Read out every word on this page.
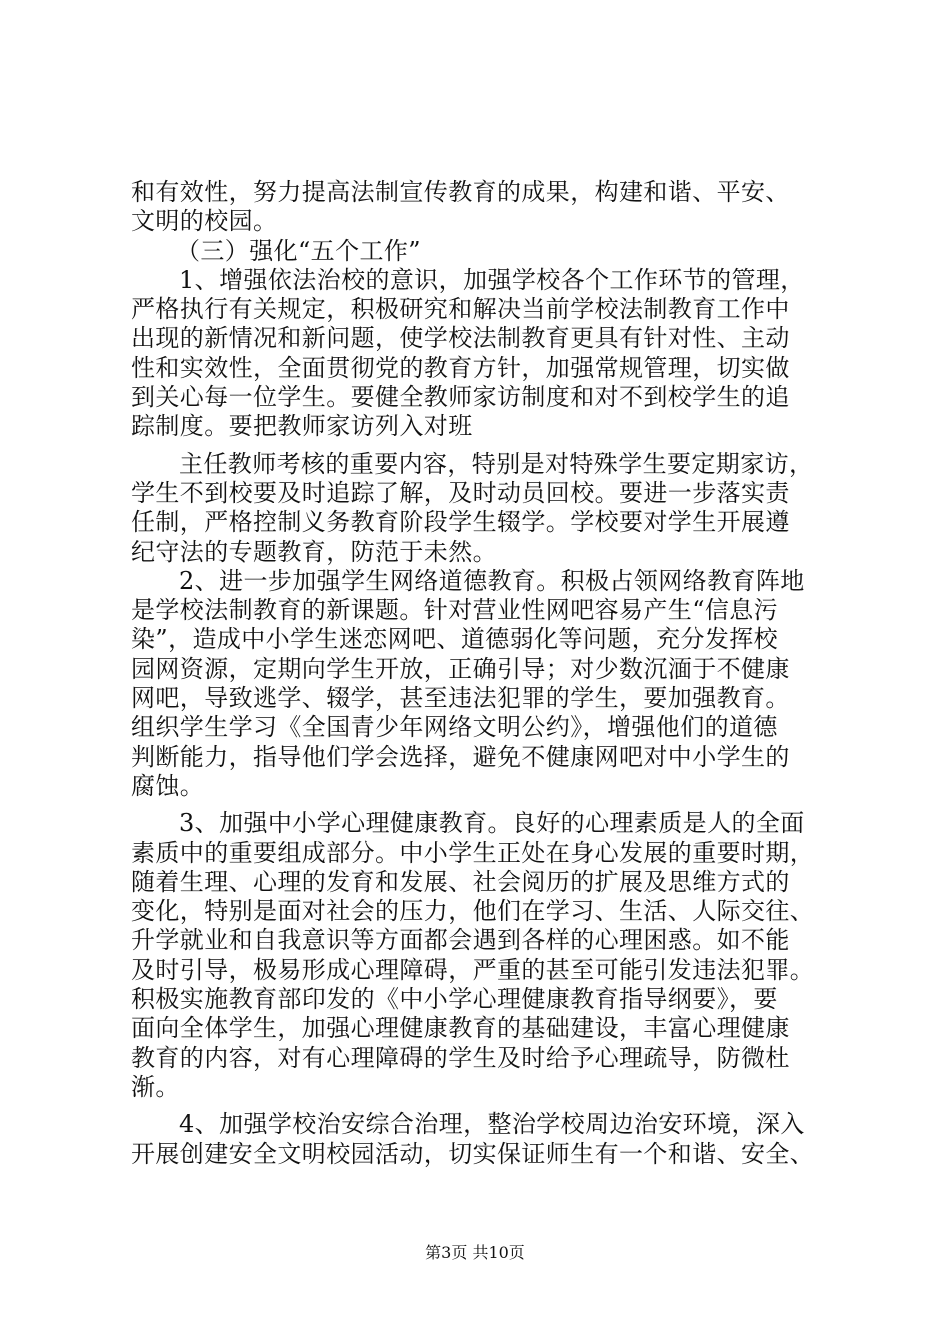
和有效性，努力提高法制宣传教育的成果，构建和谐、平安、
文明的校园。
（三）强化“五个工作”
1、增强依法治校的意识，加强学校各个工作环节的管理，
严格执行有关规定，积极研究和解决当前学校法制教育工作中
出现的新情况和新问题，使学校法制教育更具有针对性、主动
性和实效性，全面贯彻党的教育方针，加强常规管理，切实做
到关心每一位学生。要健全教师家访制度和对不到校学生的追
踪制度。要把教师家访列入对班
主任教师考核的重要内容，特别是对特殊学生要定期家访，
学生不到校要及时追踪了解，及时动员回校。要进一步落实责
任制，严格控制义务教育阶段学生辍学。学校要对学生开展遵
纪守法的专题教育，防范于未然。
2、进一步加强学生网络道德教育。积极占领网络教育阵地
是学校法制教育的新课题。针对营业性网吧容易产生“信息污
染”，造成中小学生迷恋网吧、道德弱化等问题，充分发挥校
园网资源，定期向学生开放，正确引导；对少数沉湎于不健康
网吧，导致逃学、辍学，甚至违法犯罪的学生，要加强教育。
组织学生学习《全国青少年网络文明公约》，增强他们的道德
判断能力，指导他们学会选择，避免不健康网吧对中小学生的
腐蚀。
3、加强中小学心理健康教育。良好的心理素质是人的全面
素质中的重要组成部分。中小学生正处在身心发展的重要时期，
随着生理、心理的发育和发展、社会阅历的扩展及思维方式的
变化，特别是面对社会的压力，他们在学习、生活、人际交往、
升学就业和自我意识等方面都会遇到各样的心理困惑。如不能
及时引导，极易形成心理障碍，严重的甚至可能引发违法犯罪。
积极实施教育部印发的《中小学心理健康教育指导纲要》，要
面向全体学生，加强心理健康教育的基础建设，丰富心理健康
教育的内容，对有心理障碍的学生及时给予心理疏导，防微杜
渐。
4、加强学校治安综合治理，整治学校周边治安环境，深入
开展创建安全文明校园活动，切实保证师生有一个和谐、安全、
第3页 共10页
